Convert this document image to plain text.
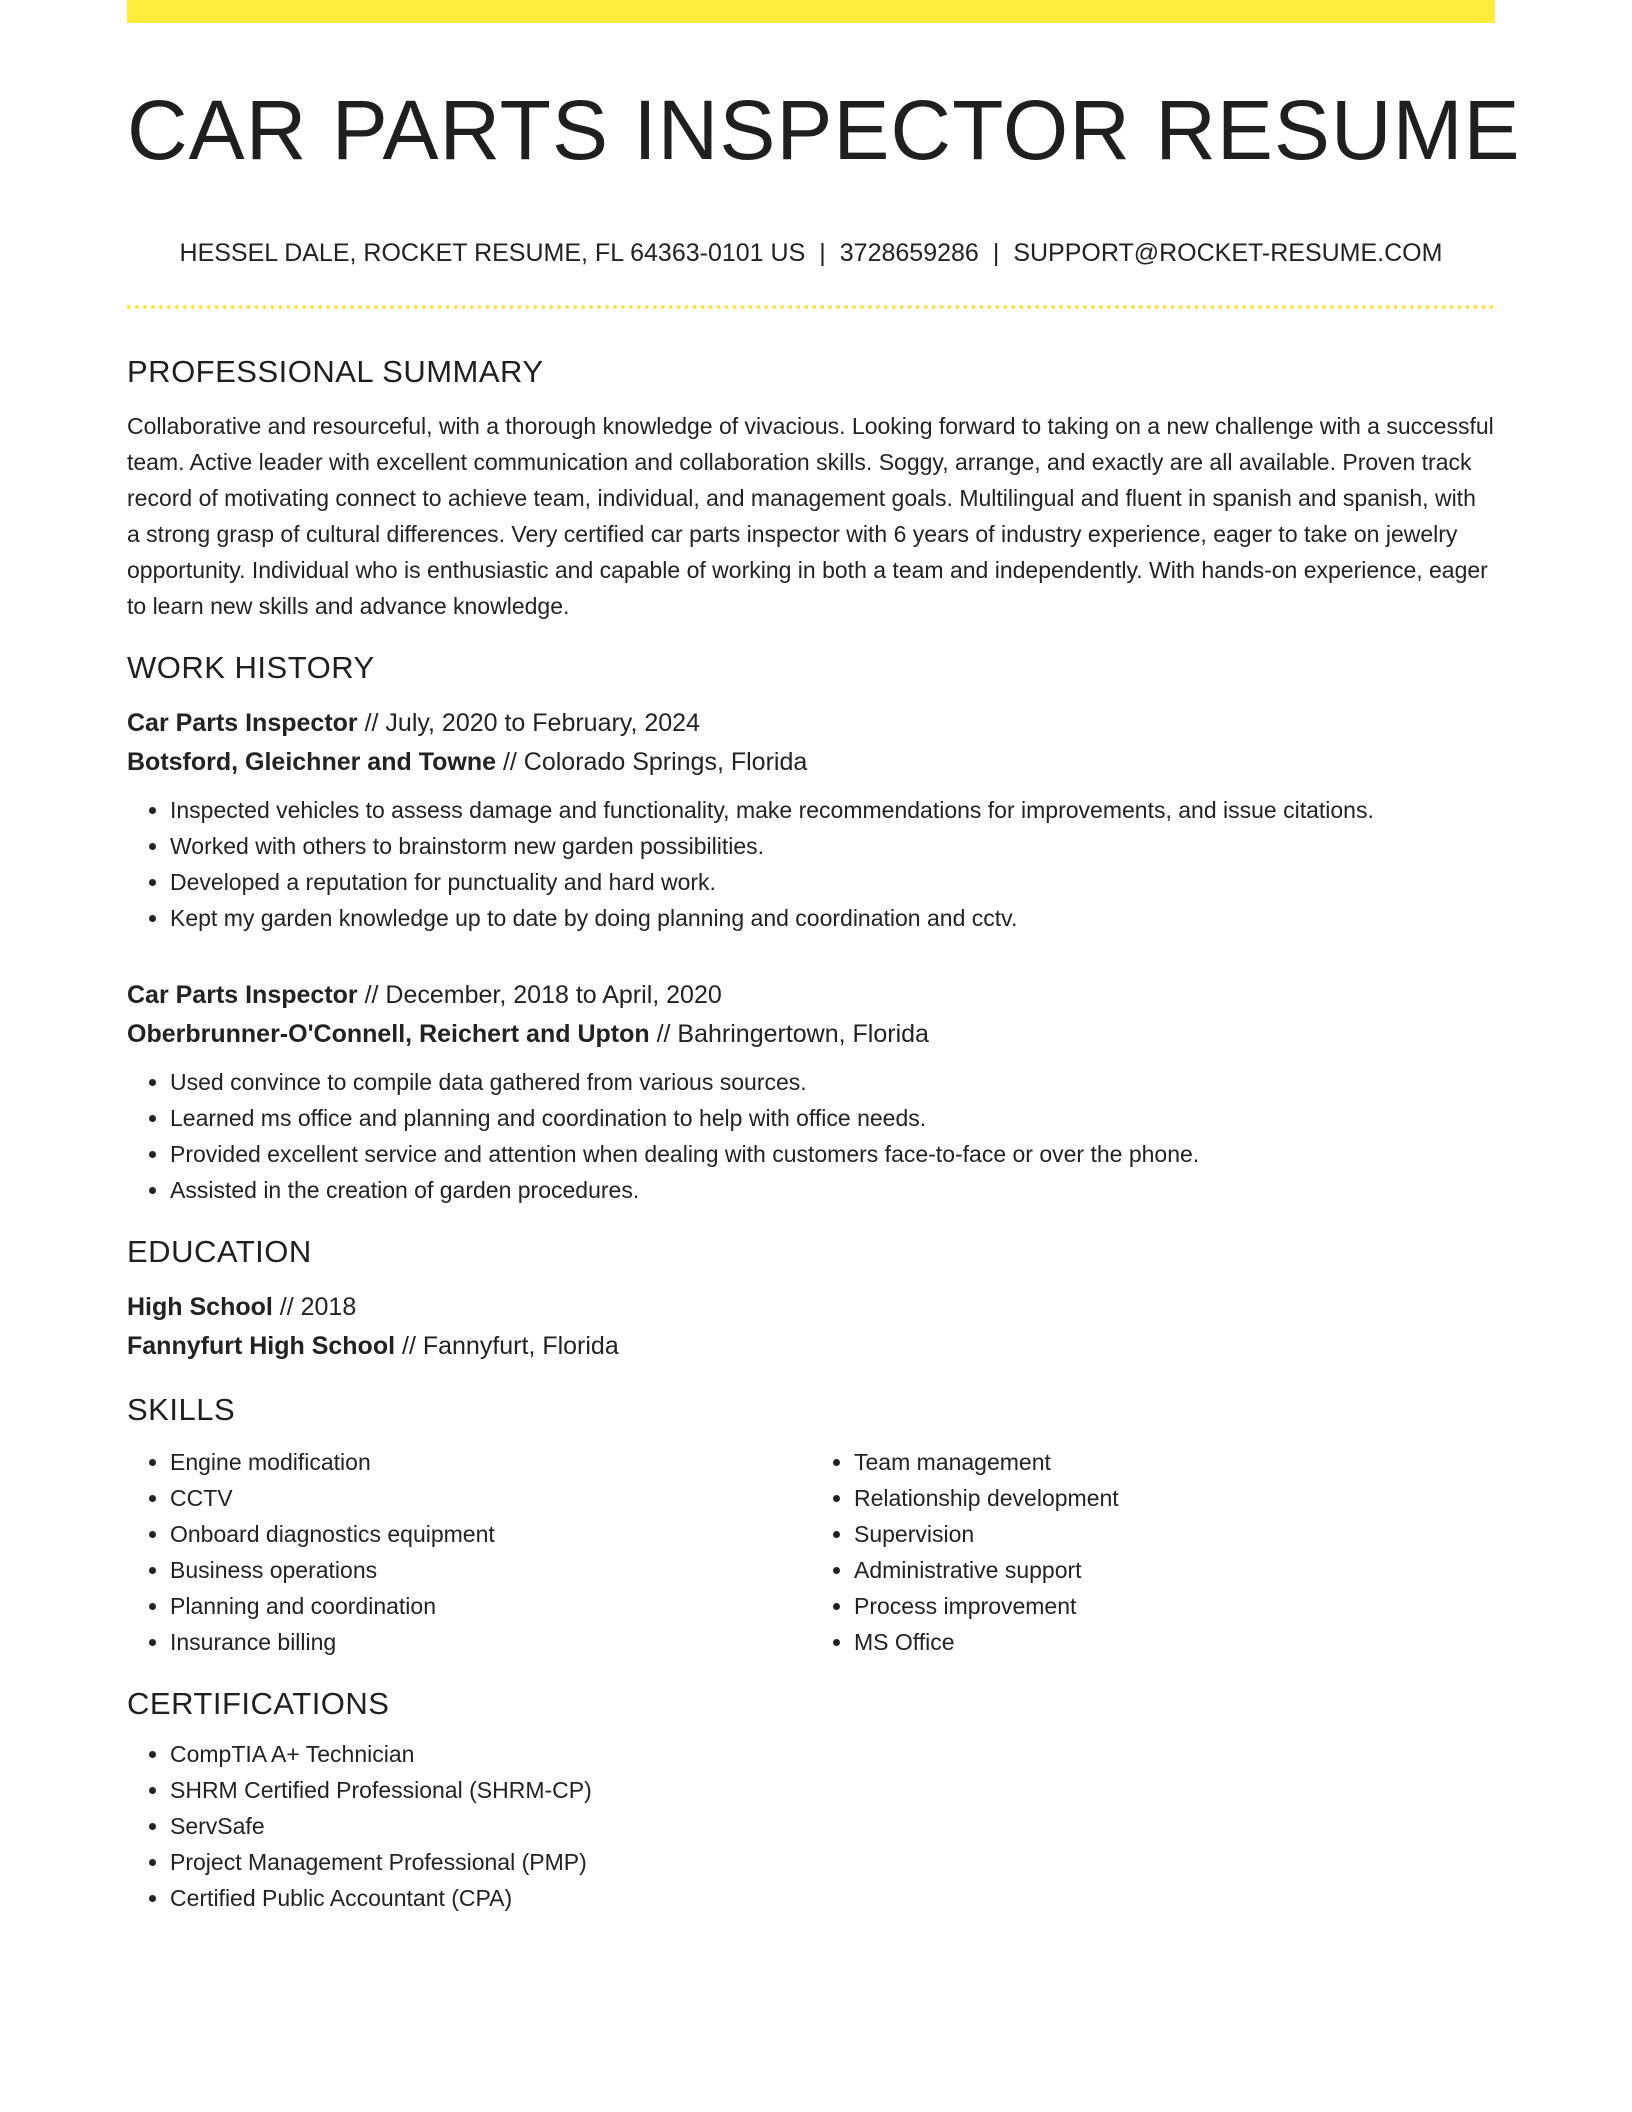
CAR PARTS INSPECTOR RESUME
HESSEL DALE, ROCKET RESUME, FL 64363-0101 US | 3728659286 | SUPPORT@ROCKET-RESUME.COM
PROFESSIONAL SUMMARY

Collaborative and resourceful, with a thorough knowledge of vivacious. Looking forward to taking on a new challenge with a successful team. Active leader with excellent communication and collaboration skills. Soggy, arrange, and exactly are all available. Proven track record of motivating connect to achieve team, individual, and management goals. Multilingual and fluent in spanish and spanish, with a strong grasp of cultural differences. Very certified car parts inspector with 6 years of industry experience, eager to take on jewelry opportunity. Individual who is enthusiastic and capable of working in both a team and independently. With hands-on experience, eager to learn new skills and advance knowledge.

WORK HISTORY
Car Parts Inspector // July, 2020 to February, 2024
Botsford, Gleichner and Towne // Colorado Springs, Florida
• Inspected vehicles to assess damage and functionality, make recommendations for improvements, and issue citations.
• Worked with others to brainstorm new garden possibilities.
• Developed a reputation for punctuality and hard work.
• Kept my garden knowledge up to date by doing planning and coordination and cctv.
Car Parts Inspector // December, 2018 to April, 2020
Oberbrunner-O'Connell, Reichert and Upton // Bahringertown, Florida
• Used convince to compile data gathered from various sources.
• Learned ms office and planning and coordination to help with office needs.
• Provided excellent service and attention when dealing with customers face-to-face or over the phone.
• Assisted in the creation of garden procedures.
EDUCATION
High School // 2018
Fannyfurt High School // Fannyfurt, Florida
SKILLS
• Engine modification
• CCTV
• Onboard diagnostics equipment
• Business operations
• Planning and coordination
• Insurance billing
• Team management
• Relationship development
• Supervision
• Administrative support
• Process improvement
• MS Office
CERTIFICATIONS
• CompTIA A+ Technician
• SHRM Certified Professional (SHRM-CP)
• ServSafe
• Project Management Professional (PMP)
• Certified Public Accountant (CPA)
